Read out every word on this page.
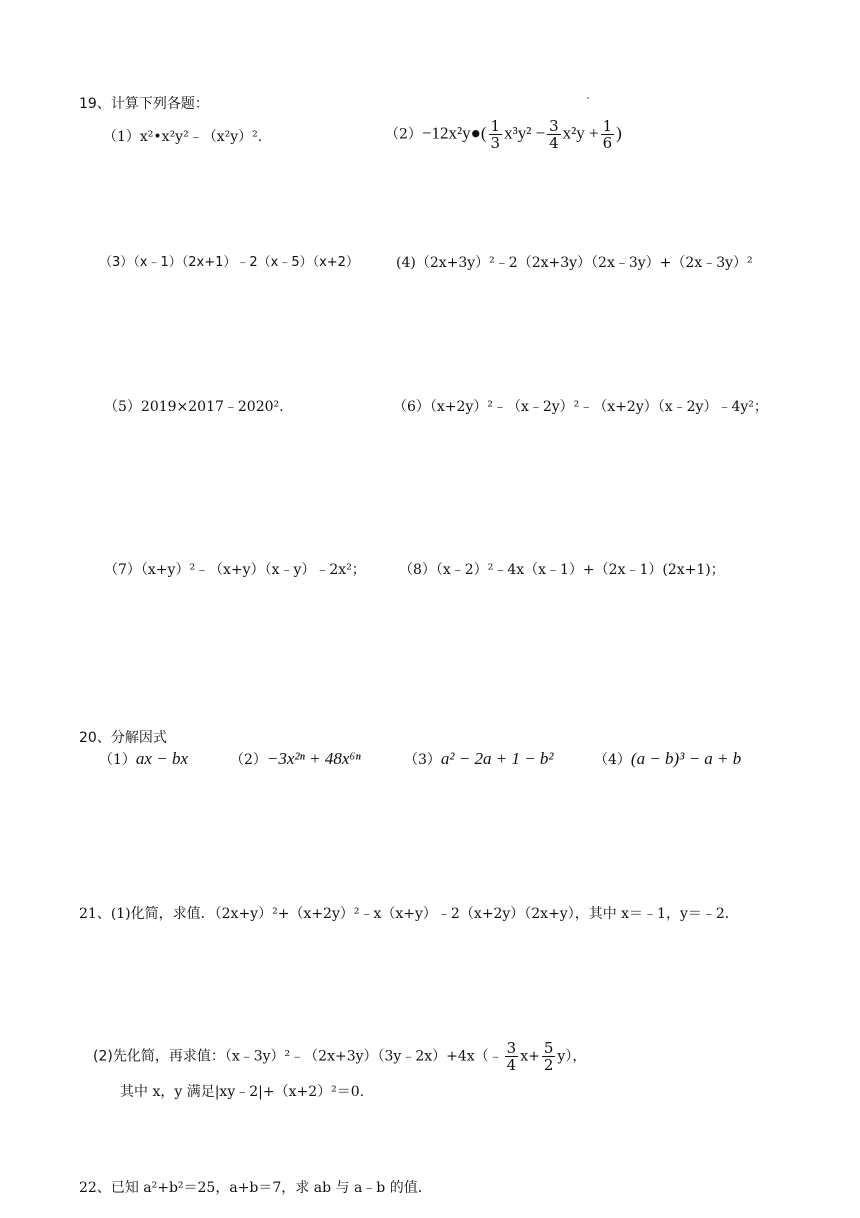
19、计算下列各题：
（1）x²•x²y²﹣（x²y）².	（2）−12x²y●( $\frac{1}{3} x^3y^2 - \frac{3}{4} x^2y + \frac{1}{6}$ )
（3）（x﹣1）（2x+1）﹣2（x﹣5）（x+2）	(4)（2x+3y）²﹣2（2x+3y）（2x﹣3y）+（2x﹣3y）²
（5）2019×2017﹣2020².	（6）（x+2y）²﹣（x﹣2y）²﹣（x+2y）（x﹣2y）﹣4y²；
（7）（x+y）²﹣（x+y）（x﹣y）﹣2x²； （8）（x﹣2）²﹣4x（x﹣1）+（2x﹣1）(2x+1)；
20、分解因式
（1）ax − bx	（2）−3x²ⁿ + 48x⁶ⁿ	（3）a² − 2a + 1 − b²	（4）(a − b)³ − a + b
21、(1)化简，求值．（2x+y）²+（x+2y）²﹣x（x+y）﹣2（x+2y）（2x+y），其中 x＝﹣1，y＝﹣2．
(2)先化简，再求值：（x﹣3y）²﹣（2x+3y）（3y﹣2x）+4x（﹣ $\frac{3}{4} x+ \frac{5}{2} y$），
其中 x，y 满足|xy﹣2|+（x+2）²＝0.
22、已知 a²+b²＝25，a+b＝7，求 ab 与 a﹣b 的值．
